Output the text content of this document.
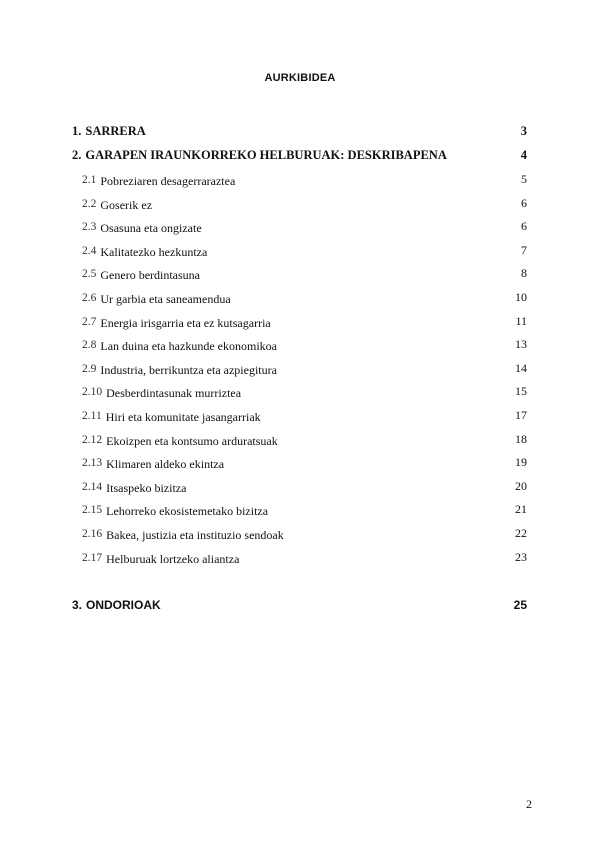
AURKIBIDEA
1. SARRERA	3
2. GARAPEN IRAUNKORREKO HELBURUAK: DESKRIBAPENA	4
2.1 Pobreziaren desagerraraztea	5
2.2 Goserik ez	6
2.3 Osasuna eta ongizate	6
2.4 Kalitatezko hezkuntza	7
2.5 Genero berdintasuna	8
2.6 Ur garbia eta saneamendua	10
2.7 Energia irisgarria eta ez kutsagarria	11
2.8 Lan duina eta hazkunde ekonomikoa	13
2.9 Industria, berrikuntza eta azpiegitura	14
2.10 Desberdintasunak murriztea	15
2.11 Hiri eta komunitate jasangarriak	17
2.12 Ekoizpen eta kontsumo arduratsuak	18
2.13 Klimaren aldeko ekintza	19
2.14 Itsaspeko bizitza	20
2.15 Lehorreko ekosistemetako bizitza	21
2.16 Bakea, justizia eta instituzio sendoak	22
2.17 Helburuak lortzeko aliantza	23
3. ONDORIOAK	25
2
